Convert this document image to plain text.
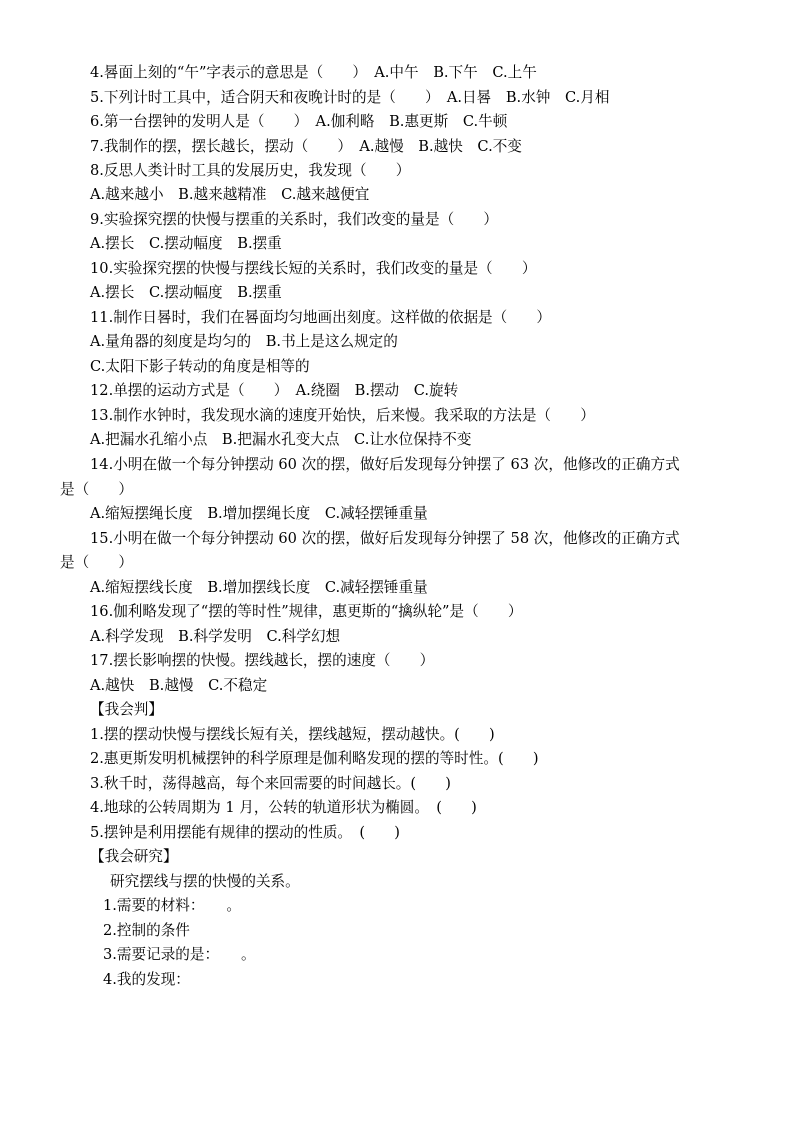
4.晷面上刻的“午”字表示的意思是（　　）　A.中午　B.下午　C.上午
5.下列计时工具中，适合阴天和夜晚计时的是（　　）　A.日晷　B.水钟　C.月相
6.第一台摆钟的发明人是（　　）　A.伽利略　B.惠更斯　C.牛顿
7.我制作的摆，摆长越长，摆动（　　）　A.越慢　B.越快　C.不变
8.反思人类计时工具的发展历史，我发现（　　）
A.越来越小　B.越来越精准　C.越来越便宜
9.实验探究摆的快慢与摆重的关系时，我们改变的量是（　　）
A.摆长　C.摆动幅度　B.摆重
10.实验探究摆的快慢与摆线长短的关系时，我们改变的量是（　　）
A.摆长　C.摆动幅度　B.摆重
11.制作日晷时，我们在晷面均匀地画出刻度。这样做的依据是（　　）
A.量角器的刻度是均匀的　B.书上是这么规定的
C.太阳下影子转动的角度是相等的
12.单摆的运动方式是（　　）　A.绕圈　B.摆动　C.旋转
13.制作水钟时，我发现水滴的速度开始快，后来慢。我采取的方法是（　　）
A.把漏水孔缩小点　B.把漏水孔变大点　C.让水位保持不变
14.小明在做一个每分钟摆动 60 次的摆，做好后发现每分钟摆了 63 次，他修改的正确方式
是（　　）
A.缩短摆绳长度　B.增加摆绳长度　C.减轻摆锤重量
15.小明在做一个每分钟摆动 60 次的摆，做好后发现每分钟摆了 58 次，他修改的正确方式
是（　　）
A.缩短摆线长度　B.增加摆线长度　C.减轻摆锤重量
16.伽利略发现了“摆的等时性”规律，惠更斯的“擒纵轮”是（　　）
A.科学发现　B.科学发明　C.科学幻想
17.摆长影响摆的快慢。摆线越长，摆的速度（　　）
A.越快　B.越慢　C.不稳定
【我会判】
1.摆的摆动快慢与摆线长短有关，摆线越短，摆动越快。(　　)
2.惠更斯发明机械摆钟的科学原理是伽利略发现的摆的等时性。(　　)
3.秋千时，荡得越高，每个来回需要的时间越长。(　　)
4.地球的公转周期为 1 月，公转的轨道形状为椭圆。　(　　)
5.摆钟是利用摆能有规律的摆动的性质。　(　　)
【我会研究】
研究摆线与摆的快慢的关系。
1.需要的材料：　　。
2.控制的条件
3.需要记录的是：　　。
4.我的发现：
